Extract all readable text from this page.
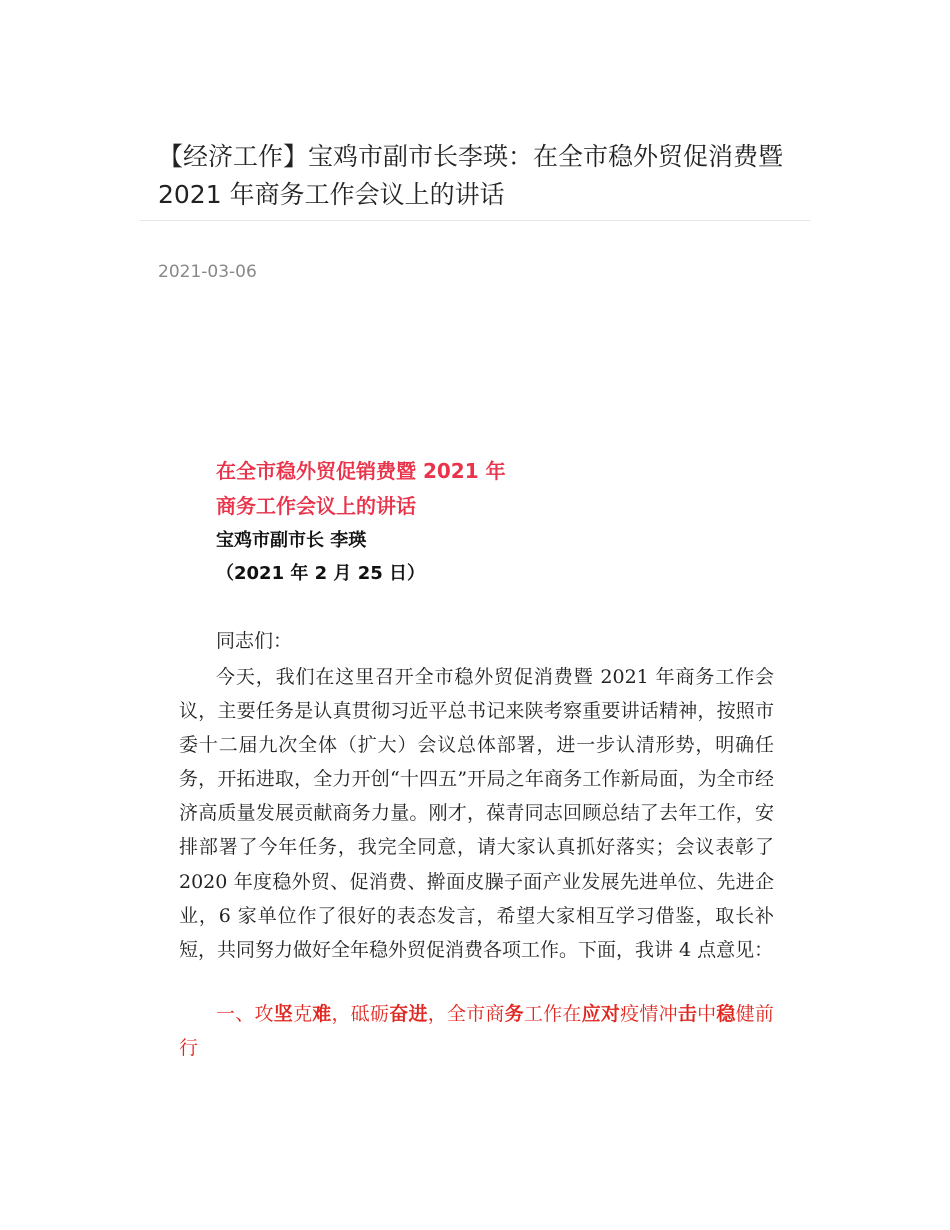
【经济工作】宝鸡市副市长李瑛：在全市稳外贸促消费暨 2021 年商务工作会议上的讲话
2021-03-06
在全市稳外贸促销费暨 2021 年
商务工作会议上的讲话
宝鸡市副市长 李瑛
（2021 年 2 月 25 日）
同志们：

今天，我们在这里召开全市稳外贸促消费暨 2021 年商务工作会议，主要任务是认真贯彻习近平总书记来陕考察重要讲话精神，按照市委十二届九次全体（扩大）会议总体部署，进一步认清形势，明确任务，开拓进取，全力开创“十四五”开局之年商务工作新局面，为全市经济高质量发展贡献商务力量。刚才，葆青同志回顾总结了去年工作，安排部署了今年任务，我完全同意，请大家认真抓好落实；会议表彰了 2020 年度稳外贸、促消费、擀面皮臊子面产业发展先进单位、先进企业，6 家单位作了很好的表态发言，希望大家相互学习借鉴，取长补短，共同努力做好全年稳外贸促消费各项工作。下面，我讲 4 点意见：

一、攻坚克难，砥砺奋进，全市商务工作在应对疫情冲击中稳健前行
